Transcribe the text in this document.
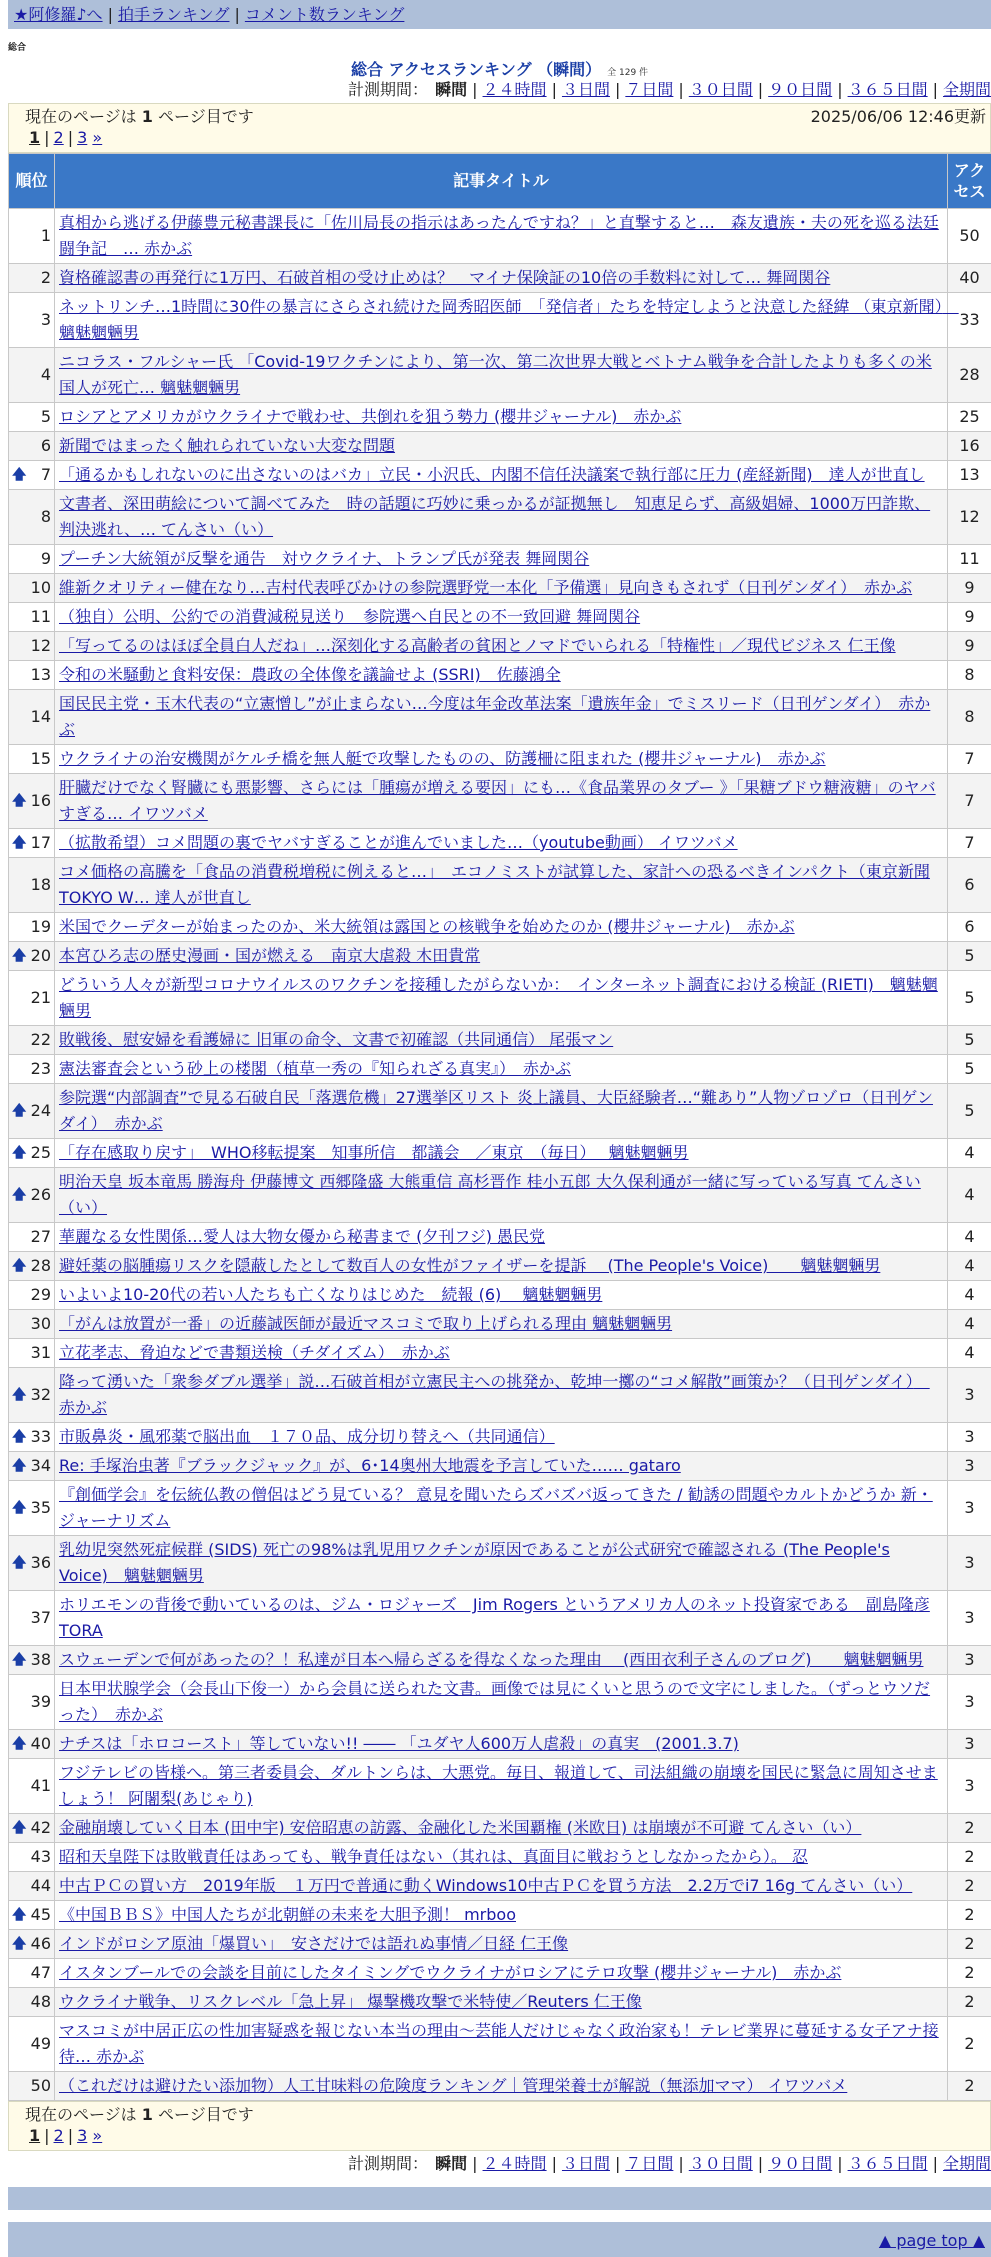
★阿修羅♪へ | 拍手ランキング | コメント数ランキング
総合
総合 アクセスランキング （瞬間） 全 129 件
計測期間： 瞬間 | ２４時間 | ３日間 | ７日間 | ３０日間 | ９０日間 | ３６５日間 | 全期間
現在のページは 1 ページ目です	2025/06/06 12:46更新
1 | 2 | 3 »
順位	記事タイトル	アクセス
1	真相から逃げる伊藤豊元秘書課長に「佐川局長の指示はあったんですね？」と直撃すると…　森友遺族・夫の死を巡る法廷闘争記　… 赤かぶ	50
2	資格確認書の再発行に1万円、石破首相の受け止めは？　マイナ保険証の10倍の手数料に対して… 舞岡関谷	40
3	ネットリンチ…1時間に30件の暴言にさらされ続けた岡秀昭医師　「発信者」たちを特定しようと決意した経緯 （東京新聞）　魑魅魍魎男	33
4	ニコラス・フルシャー氏 「Covid-19ワクチンにより、第一次、第二次世界大戦とベトナム戦争を合計したよりも多くの米国人が死亡… 魑魅魍魎男	28
5	ロシアとアメリカがウクライナで戦わせ、共倒れを狙う勢力 (櫻井ジャーナル)　赤かぶ	25
6	新聞ではまったく触れられていない大変な問題	16

🡅 7	「通るかもしれないのに出さないのはバカ」立民・小沢氏、内閣不信任決議案で執行部に圧力 (産経新聞)　達人が世直し	13
8	文書者、深田萌絵について調べてみた　時の話題に巧妙に乗っかるが証拠無し　知恵足らず、高級娼婦、1000万円詐欺、判決逃れ、… てんさい（い）	12
9	プーチン大統領が反撃を通告　対ウクライナ、トランプ氏が発表 舞岡関谷	11
10	維新クオリティー健在なり…吉村代表呼びかけの参院選野党一本化「予備選」見向きもされず（日刊ゲンダイ）　赤かぶ	9
11	（独自）公明、公約での消費減税見送り　参院選へ自民との不一致回避 舞岡関谷	9
12	「写ってるのはほぼ全員白人だね」…深刻化する高齢者の貧困とノマドでいられる「特権性」／現代ビジネス 仁王像	9
13	令和の米騒動と食料安保：農政の全体像を議論せよ (SSRI)　佐藤鴻全	8
14	国民民主党・玉木代表の“立憲憎し”が止まらない…今度は年金改革法案「遺族年金」でミスリード（日刊ゲンダイ）　赤かぶ	8
15	ウクライナの治安機関がケルチ橋を無人艇で攻撃したものの、防護柵に阻まれた (櫻井ジャーナル)　赤かぶ	7

🡅 16	肝臓だけでなく腎臓にも悪影響、さらには「腫瘍が増える要因」にも…《食品業界のタブー 》「果糖ブドウ糖液糖」のヤバすぎる… イワツバメ	7

🡅 17	（拡散希望）コメ問題の裏でヤバすぎることが進んでいました…（youtube動画） イワツバメ	7
18	コメ価格の高騰を「食品の消費税増税に例えると…」　エコノミストが試算した、家計への恐るべきインパクト（東京新聞 TOKYO W… 達人が世直し	6
19	米国でクーデターが始まったのか、米大統領は露国との核戦争を始めたのか (櫻井ジャーナル)　赤かぶ	6

🡅 20	本宮ひろ志の歴史漫画・国が燃える　南京大虐殺 木田貴常	5
21	どういう人々が新型コロナウイルスのワクチンを接種したがらないか：　インターネット調査における検証 (RIETI)　魑魅魍魎男	5
22	敗戦後、慰安婦を看護婦に 旧軍の命令、文書で初確認（共同通信） 尾張マン	5
23	憲法審査会という砂上の楼閣（植草一秀の『知られざる真実』）　赤かぶ	5

🡅 24	参院選“内部調査”で見る石破自民「落選危機」27選挙区リスト 炎上議員、大臣経験者…“難あり”人物ゾロゾロ（日刊ゲンダイ）　赤かぶ	5

🡅 25	「存在感取り戻す」　WHO移転提案　知事所信　都議会　／東京　（毎日）　 魑魅魍魎男	4

🡅 26	明治天皇 坂本竜馬 勝海舟 伊藤博文 西郷隆盛 大熊重信 高杉晋作 桂小五郎 大久保利通が一緒に写っている写真 てんさい（い）	4
27	華麗なる女性関係…愛人は大物女優から秘書まで (夕刊フジ) 愚民党	4

🡅 28	避妊薬の脳腫瘍リスクを隠蔽したとして数百人の女性がファイザーを提訴　 (The People's Voice)　　魑魅魍魎男	4
29	いよいよ10-20代の若い人たちも亡くなりはじめた　続報 (6)　 魑魅魍魎男	4
30	「がんは放置が一番」の近藤誠医師が最近マスコミで取り上げられる理由 魑魅魍魎男	4
31	立花孝志、脅迫などで書類送検（チダイズム）　赤かぶ	4

🡅 32	降って湧いた「衆参ダブル選挙」説…石破首相が立憲民主への挑発か、乾坤一擲の“コメ解散”画策か？（日刊ゲンダイ）　赤かぶ	3

🡅 33	市販鼻炎・風邪薬で脳出血　１７０品、成分切り替えへ（共同通信）	3

🡅 34	Re: 手塚治虫著『ブラックジャック』が、6･14奥州大地震を予言していた…… gataro	3

🡅 35	『創価学会』を伝統仏教の僧侶はどう見ている？ 意見を聞いたらズバズバ返ってきた / 勧誘の問題やカルトかどうか 新・ジャーナリズム	3

🡅 36	乳幼児突然死症候群 (SIDS) 死亡の98%は乳児用ワクチンが原因であることが公式研究で確認される (The People's Voice)　魑魅魍魎男	3
37	ホリエモンの背後で動いているのは、ジム・ロジャーズ　Jim Rogers というアメリカ人のネット投資家である　副島隆彦 TORA	3

🡅 38	スウェーデンで何があったの？！私達が日本へ帰らざるを得なくなった理由　 (西田衣利子さんのブログ)　　魑魅魍魎男	3
39	日本甲状腺学会（会長山下俊一）から会員に送られた文書。画像では見にくいと思うので文字にしました。（ずっとウソだった）　赤かぶ	3

🡅 40	ナチスは「ホロコースト」等していない!! ―― 「ユダヤ人600万人虐殺」の真実　(2001.3.7)	3
41	フジテレビの皆様へ。第三者委員会、ダルトンらは、大悪党。毎日、報道して、司法組織の崩壊を国民に緊急に周知させましょう！ 阿闍梨(あじゃり)	3

🡅 42	金融崩壊していく日本 (田中宇) 安倍昭恵の訪露、金融化した米国覇権 (米欧日) は崩壊が不可避 てんさい（い）	2
43	昭和天皇陛下は敗戦責任はあっても、戦争責任はない（其れは、真面目に戦おうとしなかったから）。 忍	2
44	中古ＰＣの買い方　2019年版　１万円で普通に動くWindows10中古ＰＣを買う方法　2.2万でi7 16g てんさい（い）	2

🡅 45	《中国ＢＢＳ》中国人たちが北朝鮮の未来を大胆予測！ mrboo	2

🡅 46	インドがロシア原油「爆買い」　安さだけでは語れぬ事情／日経 仁王像	2
47	イスタンブールでの会談を目前にしたタイミングでウクライナがロシアにテロ攻撃 (櫻井ジャーナル)　赤かぶ	2
48	ウクライナ戦争、リスクレベル「急上昇」 爆撃機攻撃で米特使／Reuters 仁王像	2
49	マスコミが中居正広の性加害疑惑を報じない本当の理由～芸能人だけじゃなく政治家も！テレビ業界に蔓延する女子アナ接待… 赤かぶ	2
50	（これだけは避けたい添加物）人工甘味料の危険度ランキング｜管理栄養士が解説（無添加ママ） イワツバメ	2
現在のページは 1 ページ目です
1 | 2 | 3 »
計測期間： 瞬間 | ２４時間 | ３日間 | ７日間 | ３０日間 | ９０日間 | ３６５日間 | 全期間
▲ page top ▲
